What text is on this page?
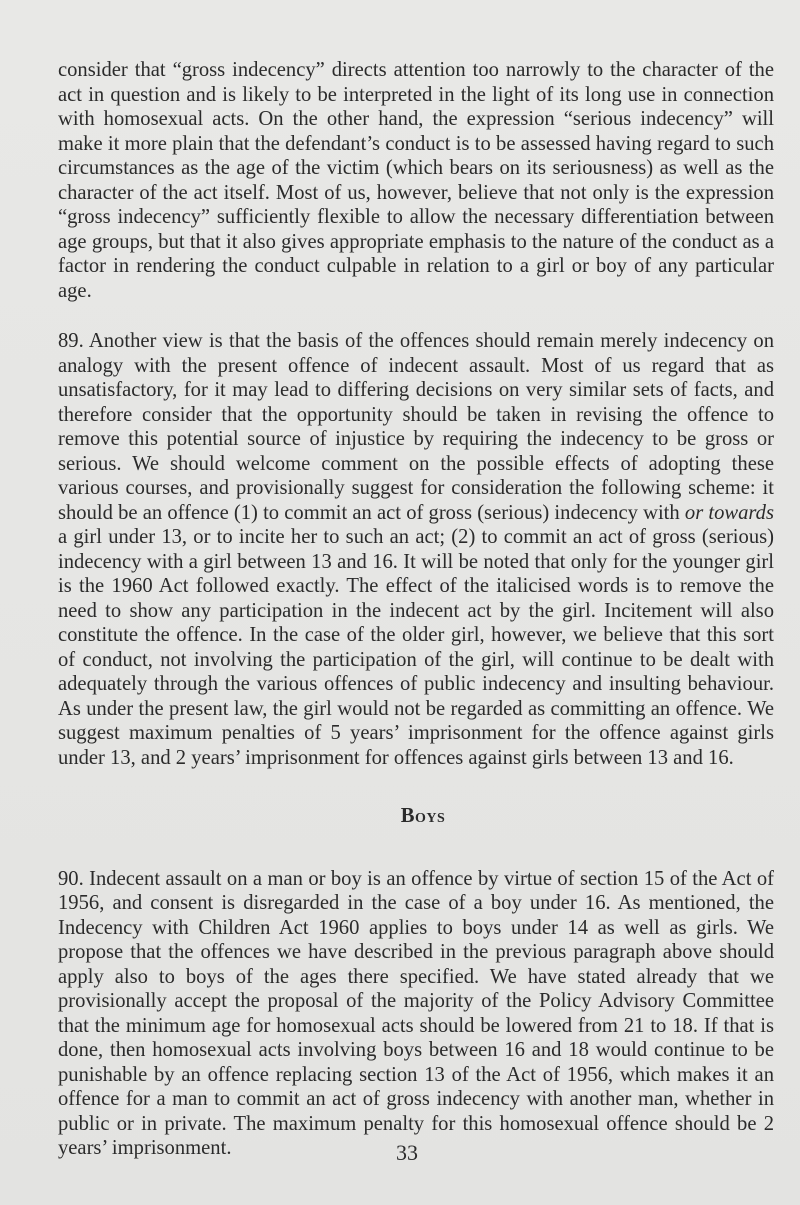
consider that “gross indecency” directs attention too narrowly to the character of the act in question and is likely to be interpreted in the light of its long use in connection with homosexual acts. On the other hand, the expression “serious indecency” will make it more plain that the defendant’s conduct is to be assessed having regard to such circumstances as the age of the victim (which bears on its seriousness) as well as the character of the act itself. Most of us, however, believe that not only is the expression “gross indecency” sufficiently flexible to allow the necessary differentiation between age groups, but that it also gives appropriate emphasis to the nature of the conduct as a factor in rendering the conduct culpable in relation to a girl or boy of any particular age.

89. Another view is that the basis of the offences should remain merely indecency on analogy with the present offence of indecent assault. Most of us regard that as unsatisfactory, for it may lead to differing decisions on very similar sets of facts, and therefore consider that the opportunity should be taken in revising the offence to remove this potential source of injustice by requiring the indecency to be gross or serious. We should welcome comment on the possible effects of adopting these various courses, and provisionally suggest for consideration the following scheme: it should be an offence (1) to commit an act of gross (serious) indecency with or towards a girl under 13, or to incite her to such an act; (2) to commit an act of gross (serious) indecency with a girl between 13 and 16. It will be noted that only for the younger girl is the 1960 Act followed exactly. The effect of the italicised words is to remove the need to show any participation in the indecent act by the girl. Incitement will also constitute the offence. In the case of the older girl, however, we believe that this sort of conduct, not involving the participation of the girl, will continue to be dealt with adequately through the various offences of public indecency and insulting behaviour. As under the present law, the girl would not be regarded as committing an offence. We suggest maximum penalties of 5 years’ imprisonment for the offence against girls under 13, and 2 years’ imprisonment for offences against girls between 13 and 16.

Boys

90. Indecent assault on a man or boy is an offence by virtue of section 15 of the Act of 1956, and consent is disregarded in the case of a boy under 16. As mentioned, the Indecency with Children Act 1960 applies to boys under 14 as well as girls. We propose that the offences we have described in the previous paragraph above should apply also to boys of the ages there specified. We have stated already that we provisionally accept the proposal of the majority of the Policy Advisory Committee that the minimum age for homosexual acts should be lowered from 21 to 18. If that is done, then homosexual acts involving boys between 16 and 18 would continue to be punishable by an offence replacing section 13 of the Act of 1956, which makes it an offence for a man to commit an act of gross indecency with another man, whether in public or in private. The maximum penalty for this homosexual offence should be 2 years’ imprisonment.	33
